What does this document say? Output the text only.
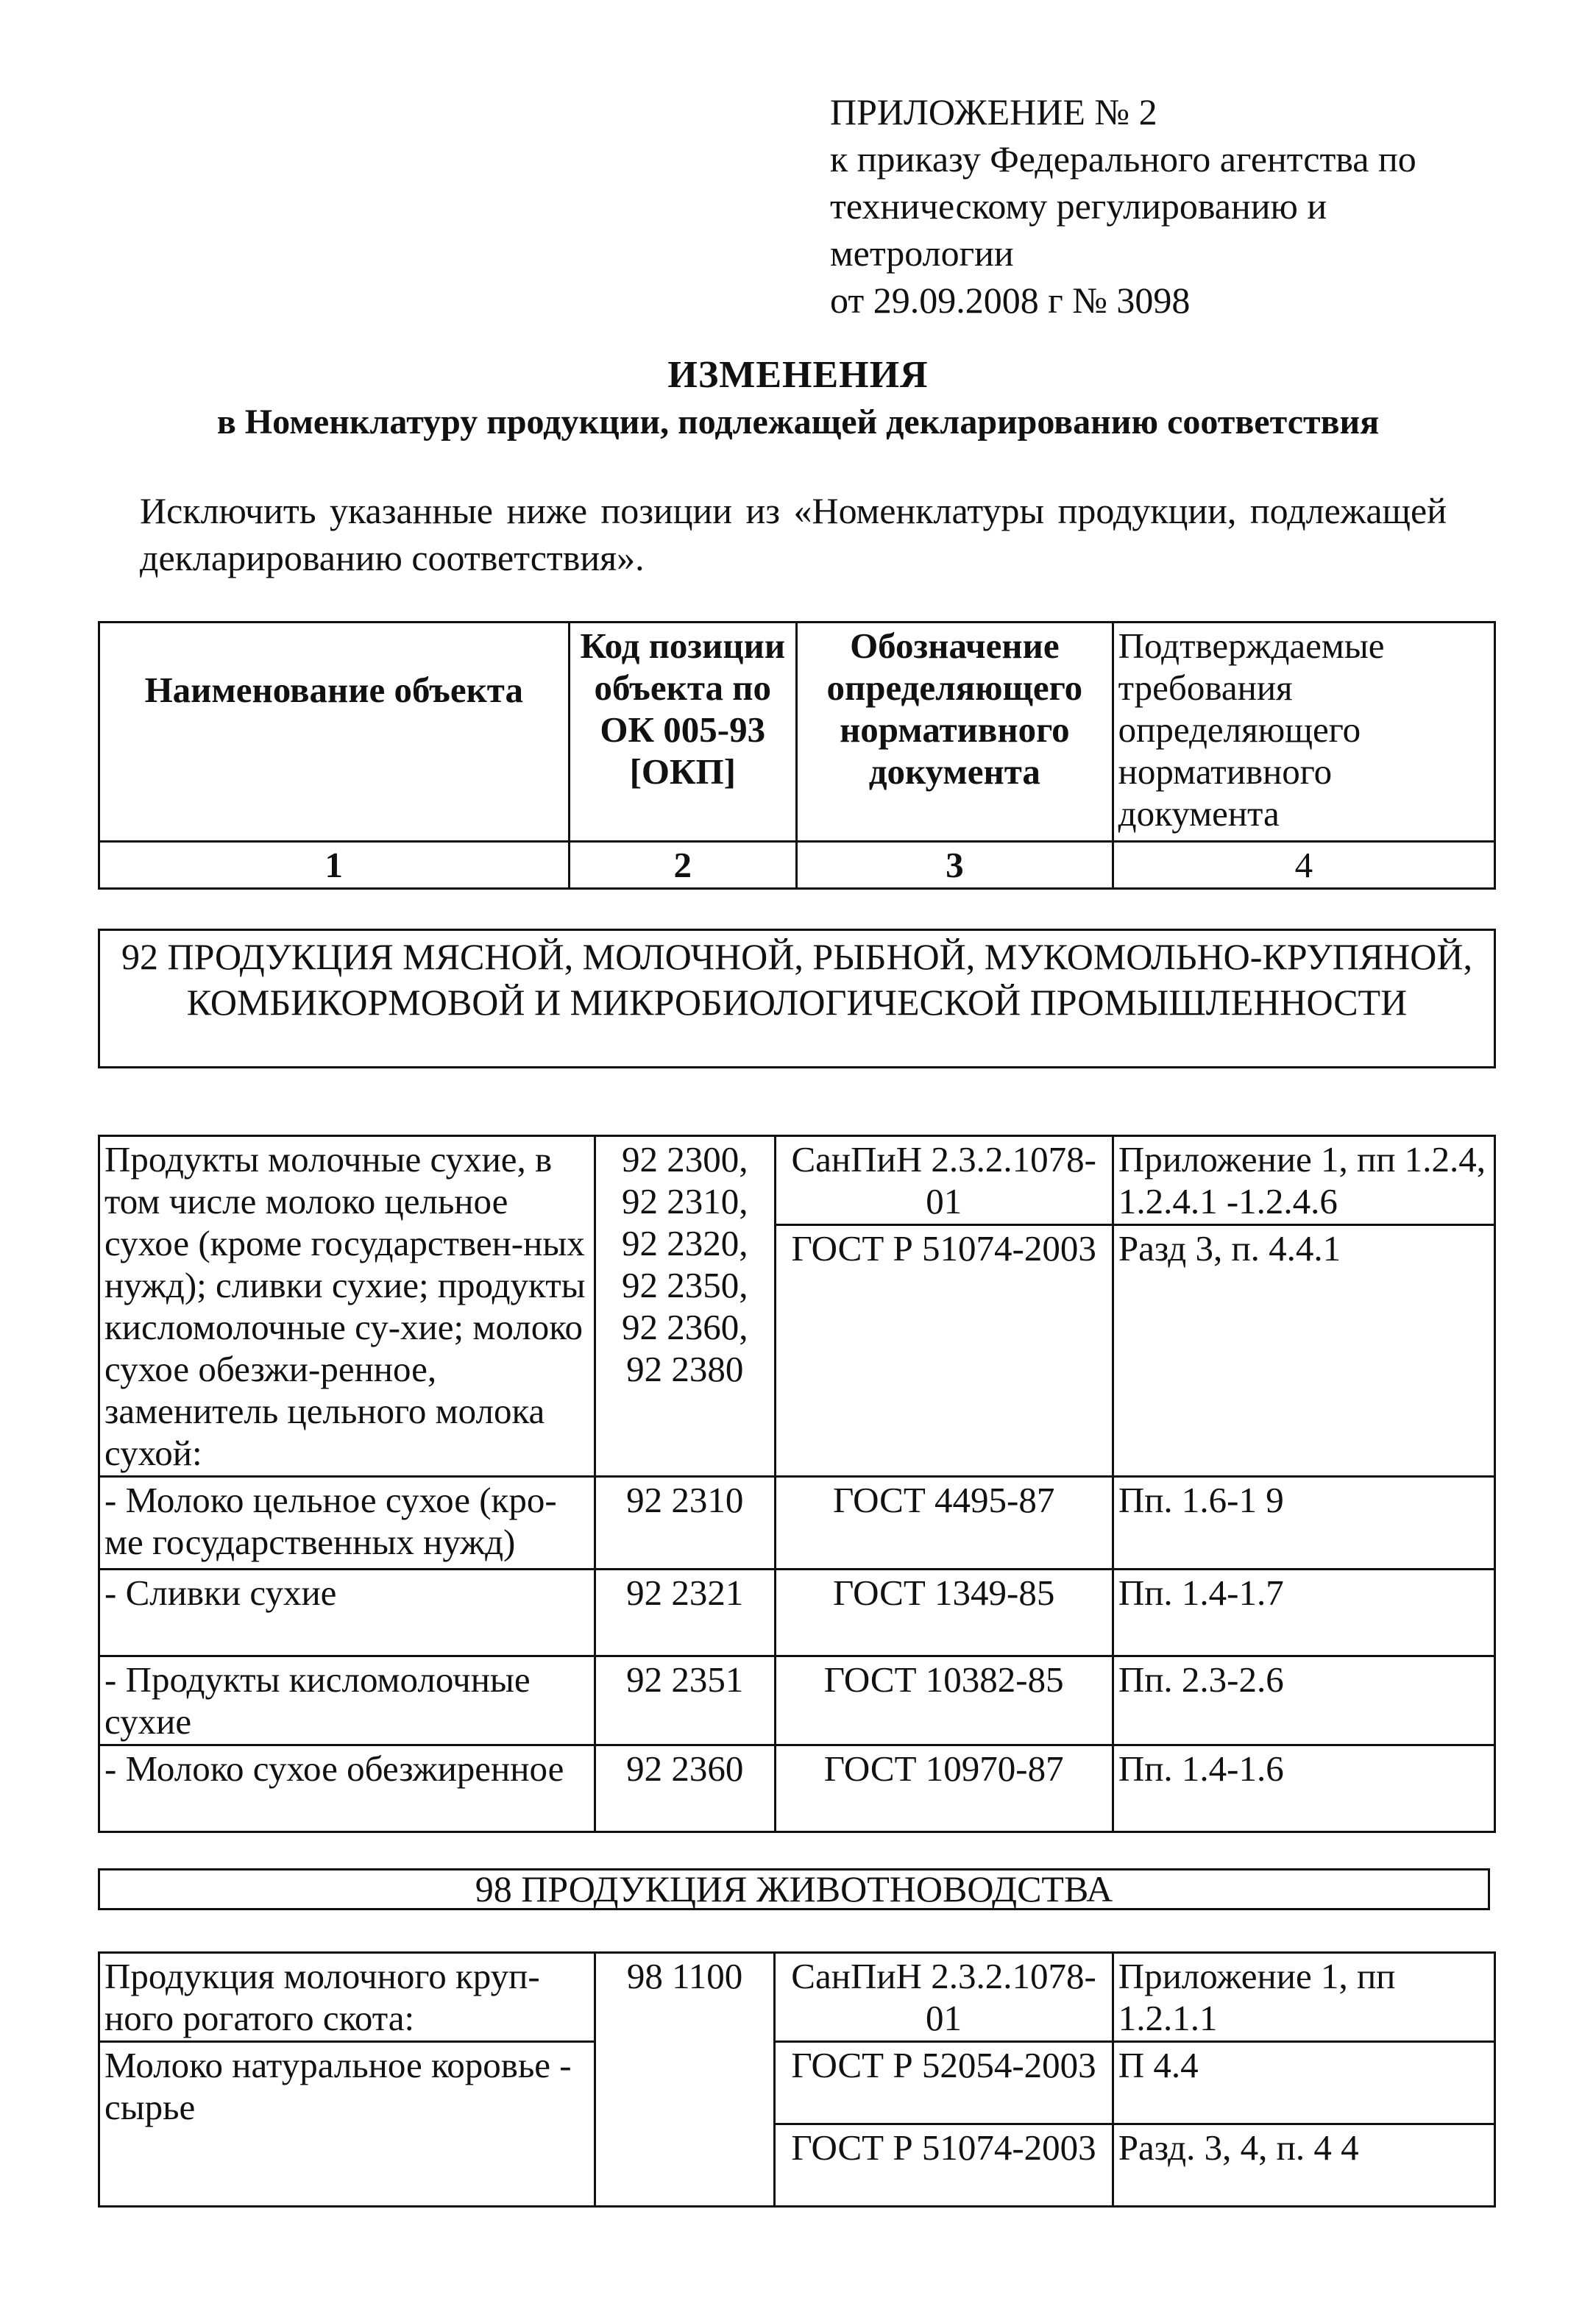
ПРИЛОЖЕНИЕ № 2
к приказу Федерального агентства по
техническому регулированию и
метрологии
от 29.09.2008 г № 3098
ИЗМЕНЕНИЯ
в Номенклатуру продукции, подлежащей декларированию соответствия
Исключить указанные ниже позиции из «Номенклатуры продукции, подлежащей декларированию соответствия».
Наименование объекта	Код позиции объекта по ОК 005-93 [ОКП]	Обозначение определяющего нормативного документа	Подтверждаемые требования определяющего нормативного документа
1	2	3	4
92 ПРОДУКЦИЯ МЯСНОЙ, МОЛОЧНОЙ, РЫБНОЙ, МУКОМОЛЬНО-КРУПЯНОЙ, КОМБИКОРМОВОЙ И МИКРОБИОЛОГИЧЕСКОЙ ПРОМЫШЛЕННОСТИ
Продукты молочные сухие, в том числе молоко цельное сухое (кроме государствен-ных нужд); сливки сухие; продукты кисломолочные су-хие; молоко сухое обезжи-ренное, заменитель цельного молока сухой:	92 2300, 92 2310, 92 2320, 92 2350, 92 2360, 92 2380	СанПиН 2.3.2.1078-01	Приложение 1, пп 1.2.4, 1.2.4.1 -1.2.4.6
		ГОСТ Р 51074-2003	Разд 3, п. 4.4.1
- Молоко цельное сухое (кро-ме государственных нужд)	92 2310	ГОСТ 4495-87	Пп. 1.6-1 9
- Сливки сухие	92 2321	ГОСТ 1349-85	Пп. 1.4-1.7
- Продукты кисломолочные сухие	92 2351	ГОСТ 10382-85	Пп. 2.3-2.6
- Молоко сухое обезжиренное	92 2360	ГОСТ 10970-87	Пп. 1.4-1.6
98 ПРОДУКЦИЯ ЖИВОТНОВОДСТВА
Продукция молочного круп-ного рогатого скота:	98 1100	СанПиН 2.3.2.1078-01	Приложение 1, пп 1.2.1.1
Молоко натуральное коровье - сырье		ГОСТ Р 52054-2003	П 4.4
		ГОСТ Р 51074-2003	Разд. 3, 4, п. 4 4
